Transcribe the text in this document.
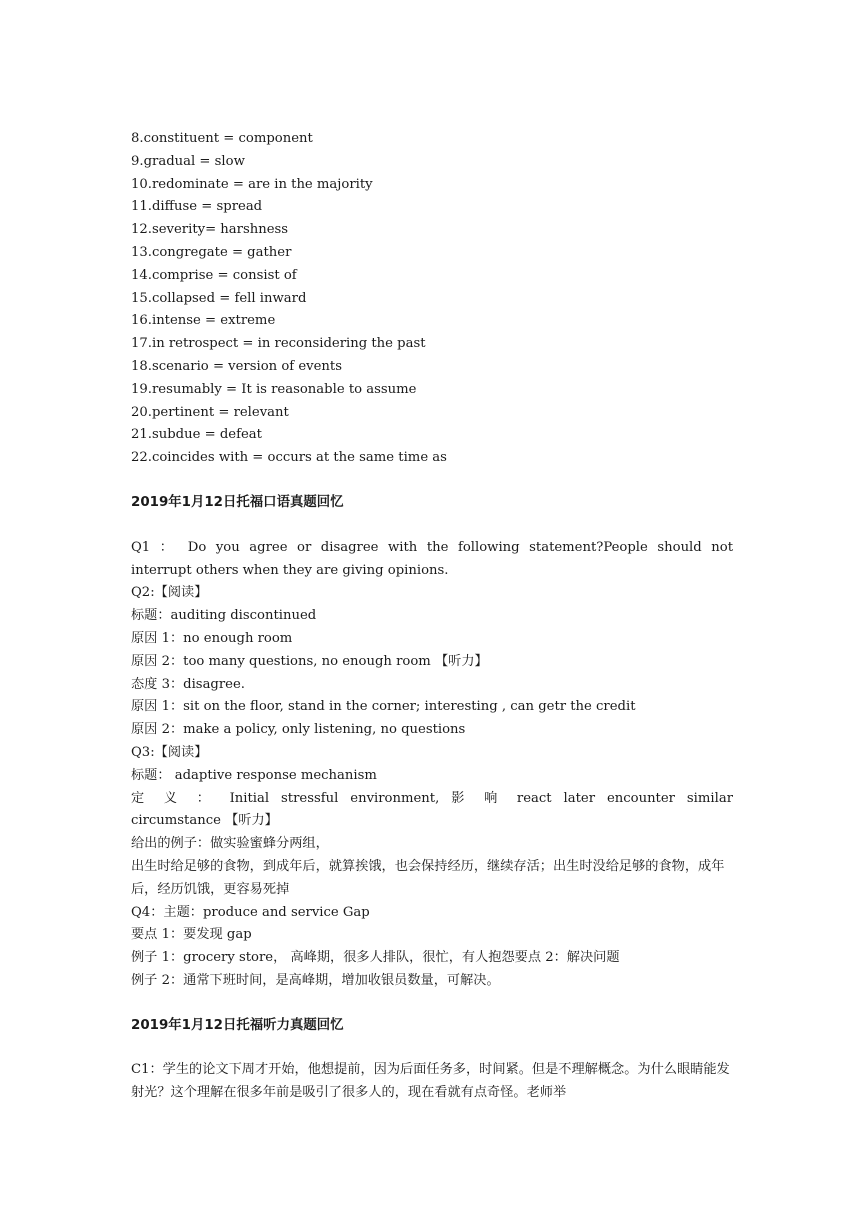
8.constituent = component
9.gradual = slow
10.redominate = are in the majority
11.diffuse = spread
12.severity= harshness
13.congregate = gather
14.comprise = consist of
15.collapsed = fell inward
16.intense = extreme
17.in retrospect = in reconsidering the past
18.scenario = version of events
19.resumably = It is reasonable to assume
20.pertinent = relevant
21.subdue = defeat
22.coincides with = occurs at the same time as
2019年1月12日托福口语真题回忆
Q1 ： Do you agree or disagree with the following statement?People should not
interrupt others when they are giving opinions.
Q2:【阅读】
标题：auditing discontinued
原因 1：no enough room
原因 2：too many questions, no enough room 【听力】
态度 3：disagree.
原因 1：sit on the floor, stand in the corner; interesting , can getr the credit
原因 2：make a policy, only listening, no questions
Q3:【阅读】
标题： adaptive response mechanism
定 义 ： Initial stressful environment, 影 响 react later encounter similar
circumstance 【听力】
给出的例子：做实验蜜蜂分两组，
出生时给足够的食物，到成年后，就算挨饿，也会保持经历，继续存活；出生时没给足够的食物，成年后，经历饥饿，更容易死掉
Q4：主题：produce and service Gap
要点 1：要发现 gap
例子 1：grocery store， 高峰期，很多人排队，很忙，有人抱怨要点 2：解决问题
例子 2：通常下班时间，是高峰期，增加收银员数量，可解决。
2019年1月12日托福听力真题回忆
C1：学生的论文下周才开始，他想提前，因为后面任务多，时间紧。但是不理解概念。为什么眼睛能发射光？这个理解在很多年前是吸引了很多人的，现在看就有点奇怪。老师举
